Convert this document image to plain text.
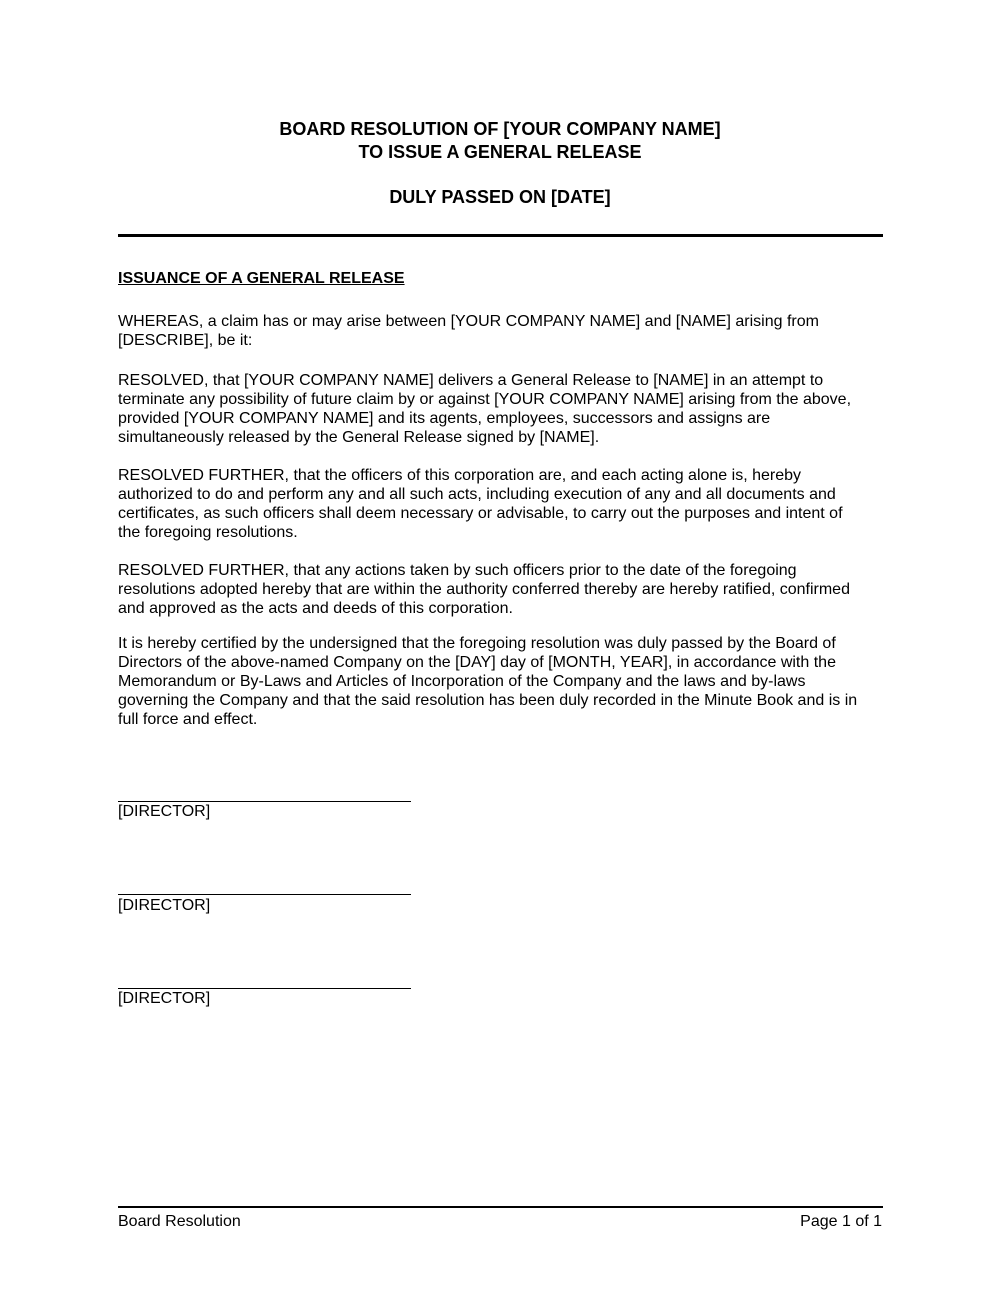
BOARD RESOLUTION OF [YOUR COMPANY NAME]
TO ISSUE A GENERAL RELEASE
DULY PASSED ON [DATE]
ISSUANCE OF A GENERAL RELEASE
WHEREAS, a claim has or may arise between [YOUR COMPANY NAME] and [NAME] arising from
[DESCRIBE], be it:
RESOLVED, that [YOUR COMPANY NAME] delivers a General Release to [NAME] in an attempt to
terminate any possibility of future claim by or against [YOUR COMPANY NAME] arising from the above,
provided [YOUR COMPANY NAME] and its agents, employees, successors and assigns are
simultaneously released by the General Release signed by [NAME].
RESOLVED FURTHER, that the officers of this corporation are, and each acting alone is, hereby
authorized to do and perform any and all such acts, including execution of any and all documents and
certificates, as such officers shall deem necessary or advisable, to carry out the purposes and intent of
the foregoing resolutions.
RESOLVED FURTHER, that any actions taken by such officers prior to the date of the foregoing
resolutions adopted hereby that are within the authority conferred thereby are hereby ratified, confirmed
and approved as the acts and deeds of this corporation.
It is hereby certified by the undersigned that the foregoing resolution was duly passed by the Board of
Directors of the above-named Company on the [DAY] day of [MONTH, YEAR], in accordance with the
Memorandum or By-Laws and Articles of Incorporation of the Company and the laws and by-laws
governing the Company and that the said resolution has been duly recorded in the Minute Book and is in
full force and effect.
[DIRECTOR]
[DIRECTOR]
[DIRECTOR]
Board Resolution	Page 1 of 1
